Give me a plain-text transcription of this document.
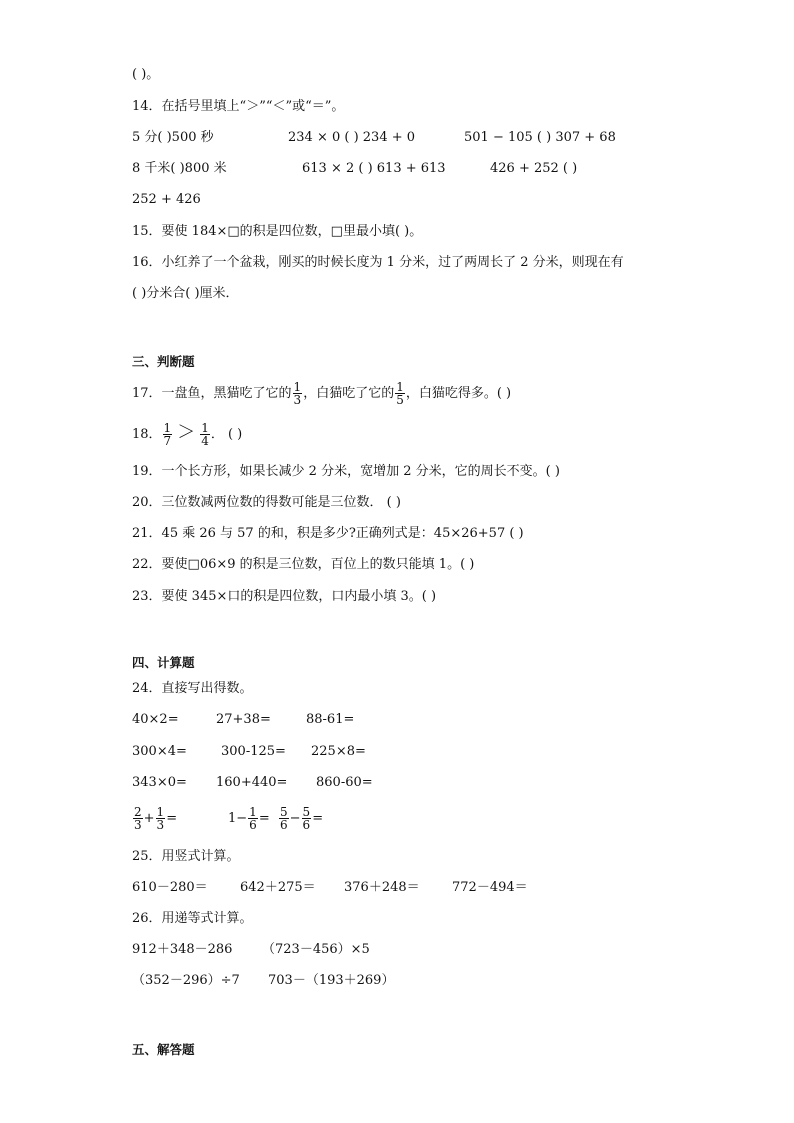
( )。
14．在括号里填上“＞”“＜”或“＝”。
5 分( )500 秒	234 × 0 ( ) 234 + 0	501 − 105 ( ) 307 + 68
8 千米( )800 米	613 × 2 ( ) 613 + 613	426 + 252 ( )
252 + 426
15．要使 184×□的积是四位数，□里最小填( )。
16．小红养了一个盆栽，刚买的时候长度为 1 分米，过了两周长了 2 分米，则现在有
( )分米合( )厘米．
三、判断题
17．一盘鱼，黑猫吃了它的 $\frac{1}{3}$ ，白猫吃了它的 $\frac{1}{5}$ ，白猫吃得多。( )
18． $\frac{1}{7} > \frac{1}{4}$ ． ( )
19．一个长方形，如果长减少 2 分米，宽增加 2 分米，它的周长不变。( )
20．三位数减两位数的得数可能是三位数． ( )
21．45 乘 26 与 57 的和，积是多少?正确列式是：45×26+57 ( )
22．要使□06×9 的积是三位数，百位上的数只能填 1。( )
23．要使 345×口的积是四位数，口内最小填 3。( )
四、计算题
24．直接写出得数。
40×2=	27+38=	88-61=
300×4=	300-125= 225×8=
343×0= 160+440= 860-60=
$\frac{2}{3} + \frac{1}{3}$ =	$1- \frac{1}{6} = \frac{5}{6} - \frac{5}{6}$ =
25．用竖式计算。
610－280＝ 642＋275＝ 376＋248＝ 772－494＝
26．用递等式计算。
912＋348－286 （723－456）×5
（352－296）÷7 703－（193＋269）
五、解答题
